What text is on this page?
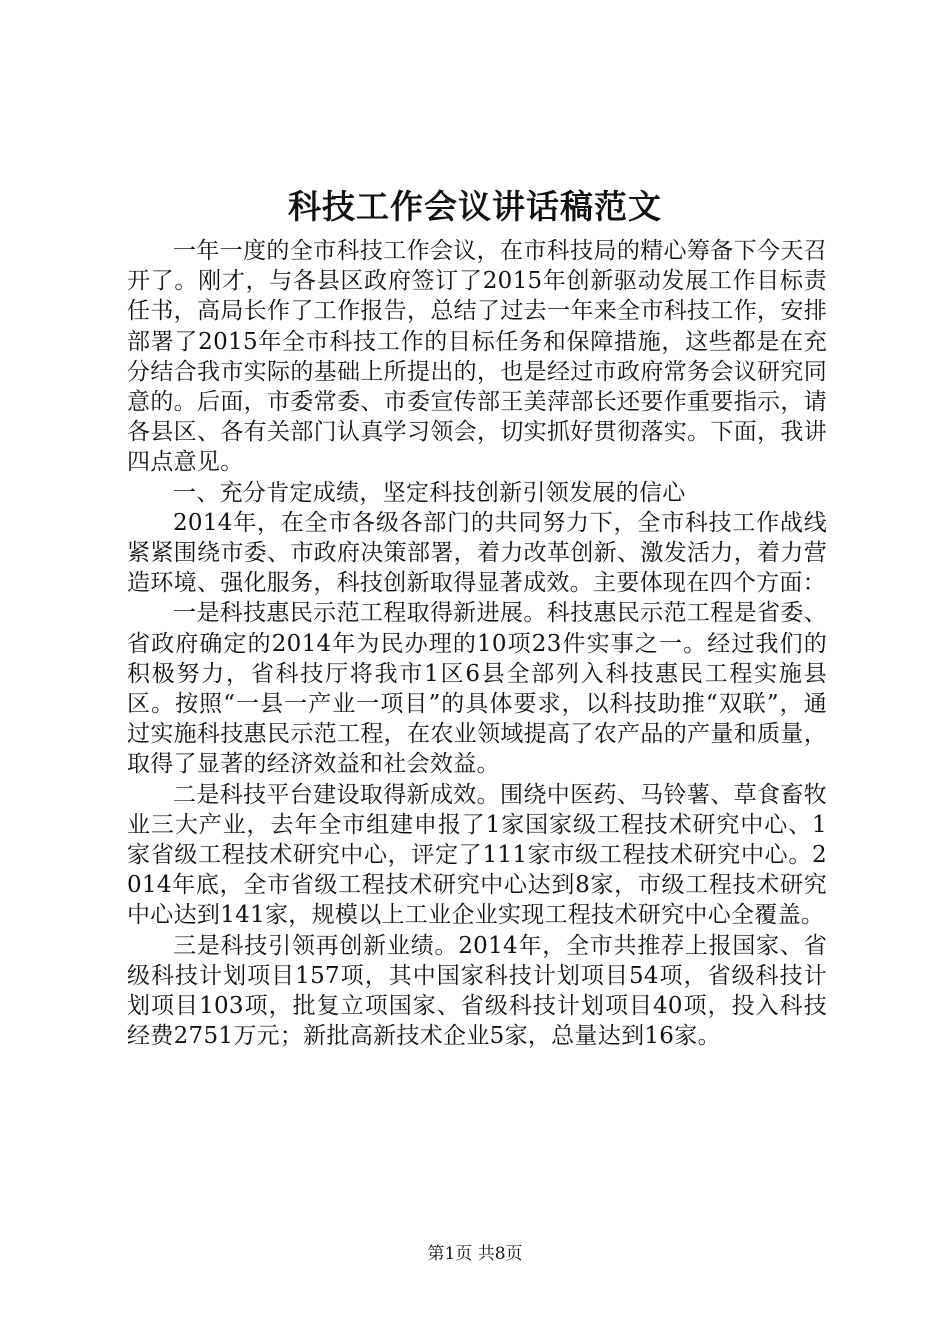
科技工作会议讲话稿范文

一年一度的全市科技工作会议，在市科技局的精心筹备下今天召开了。刚才，与各县区政府签订了2015年创新驱动发展工作目标责任书，高局长作了工作报告，总结了过去一年来全市科技工作，安排部署了2015年全市科技工作的目标任务和保障措施，这些都是在充分结合我市实际的基础上所提出的，也是经过市政府常务会议研究同意的。后面，市委常委、市委宣传部王美萍部长还要作重要指示，请各县区、各有关部门认真学习领会，切实抓好贯彻落实。下面，我讲四点意见。

一、充分肯定成绩，坚定科技创新引领发展的信心

2014年，在全市各级各部门的共同努力下，全市科技工作战线紧紧围绕市委、市政府决策部署，着力改革创新、激发活力，着力营造环境、强化服务，科技创新取得显著成效。主要体现在四个方面：

一是科技惠民示范工程取得新进展。科技惠民示范工程是省委、省政府确定的2014年为民办理的10项23件实事之一。经过我们的积极努力，省科技厅将我市1区6县全部列入科技惠民工程实施县区。按照“一县一产业一项目”的具体要求，以科技助推“双联”，通过实施科技惠民示范工程，在农业领域提高了农产品的产量和质量，取得了显著的经济效益和社会效益。

二是科技平台建设取得新成效。围绕中医药、马铃薯、草食畜牧业三大产业，去年全市组建申报了1家国家级工程技术研究中心、1家省级工程技术研究中心，评定了111家市级工程技术研究中心。2014年底，全市省级工程技术研究中心达到8家，市级工程技术研究中心达到141家，规模以上工业企业实现工程技术研究中心全覆盖。

三是科技引领再创新业绩。2014年，全市共推荐上报国家、省级科技计划项目157项，其中国家科技计划项目54项，省级科技计划项目103项，批复立项国家、省级科技计划项目40项，投入科技经费2751万元；新批高新技术企业5家，总量达到16家。

第1页 共8页
